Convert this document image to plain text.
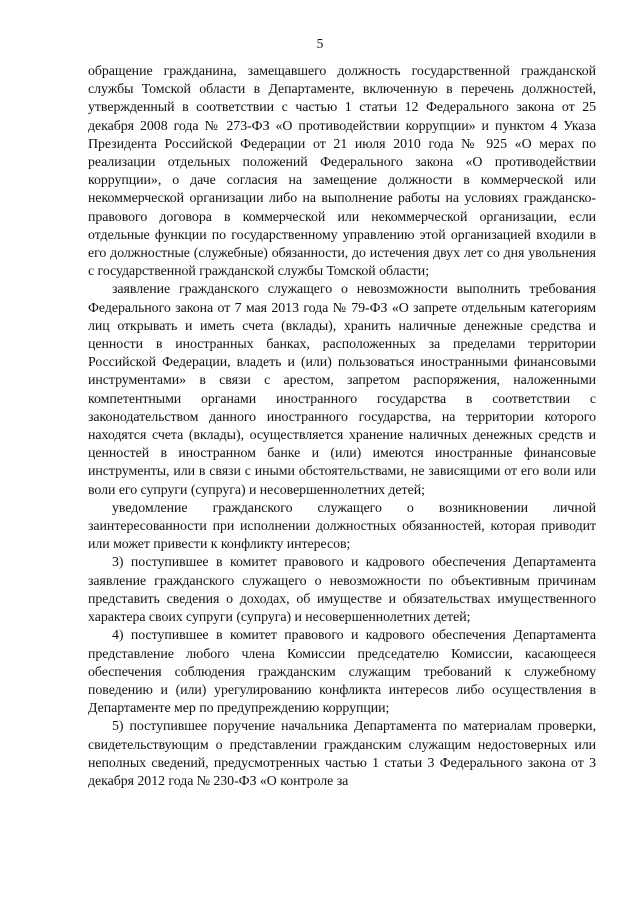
5

обращение гражданина, замещавшего должность государственной гражданской службы Томской области в Департаменте, включенную в перечень должностей, утвержденный в соответствии с частью 1 статьи 12 Федерального закона от 25 декабря 2008 года № 273-ФЗ «О противодействии коррупции» и пунктом 4 Указа Президента Российской Федерации от 21 июля 2010 года № 925 «О мерах по реализации отдельных положений Федерального закона «О противодействии коррупции», о даче согласия на замещение должности в коммерческой или некоммерческой организации либо на выполнение работы на условиях гражданско-правового договора в коммерческой или некоммерческой организации, если отдельные функции по государственному управлению этой организацией входили в его должностные (служебные) обязанности, до истечения двух лет со дня увольнения с государственной гражданской службы Томской области;

заявление гражданского служащего о невозможности выполнить требования Федерального закона от 7 мая 2013 года № 79-ФЗ «О запрете отдельным категориям лиц открывать и иметь счета (вклады), хранить наличные денежные средства и ценности в иностранных банках, расположенных за пределами территории Российской Федерации, владеть и (или) пользоваться иностранными финансовыми инструментами» в связи с арестом, запретом распоряжения, наложенными компетентными органами иностранного государства в соответствии с законодательством данного иностранного государства, на территории которого находятся счета (вклады), осуществляется хранение наличных денежных средств и ценностей в иностранном банке и (или) имеются иностранные финансовые инструменты, или в связи с иными обстоятельствами, не зависящими от его воли или воли его супруги (супруга) и несовершеннолетних детей;

уведомление гражданского служащего о возникновении личной заинтересованности при исполнении должностных обязанностей, которая приводит или может привести к конфликту интересов;

3) поступившее в комитет правового и кадрового обеспечения Департамента заявление гражданского служащего о невозможности по объективным причинам представить сведения о доходах, об имуществе и обязательствах имущественного характера своих супруги (супруга) и несовершеннолетних детей;

4) поступившее в комитет правового и кадрового обеспечения Департамента представление любого члена Комиссии председателю Комиссии, касающееся обеспечения соблюдения гражданским служащим требований к служебному поведению и (или) урегулированию конфликта интересов либо осуществления в Департаменте мер по предупреждению коррупции;

5) поступившее поручение начальника Департамента по материалам проверки, свидетельствующим о представлении гражданским служащим недостоверных или неполных сведений, предусмотренных частью 1 статьи 3 Федерального закона от 3 декабря 2012 года № 230-ФЗ «О контроле за
